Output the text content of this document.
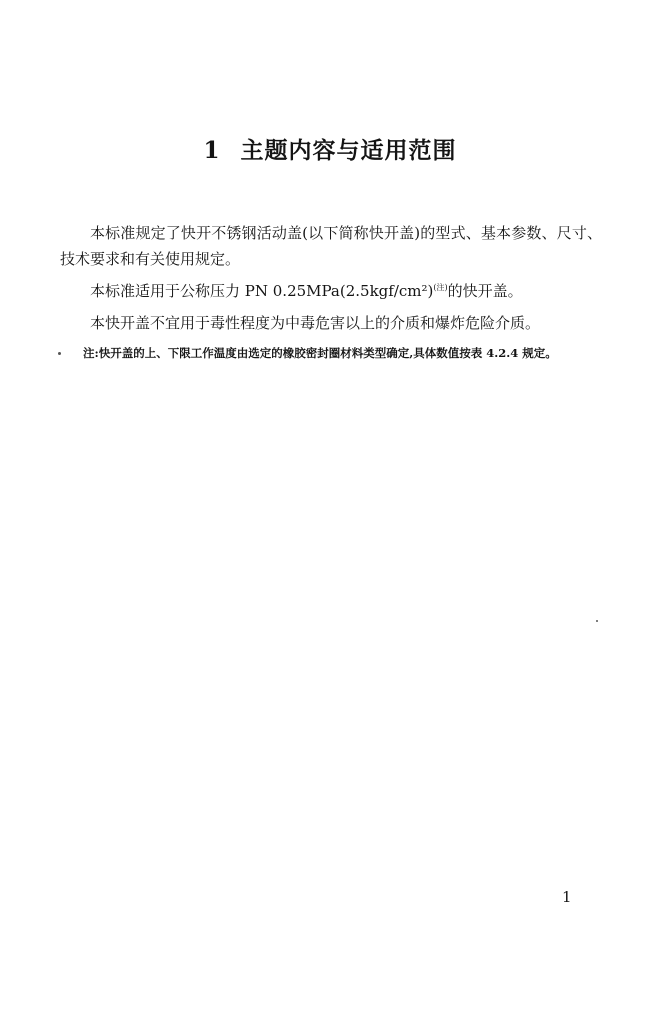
1 主题内容与适用范围

本标准规定了快开不锈钢活动盖(以下简称快开盖)的型式、基本参数、尺寸、技术要求和有关使用规定。

本标准适用于公称压力 PN $0.25MPa(2.5kgf/cm^2)^{(注)}$的快开盖。

本快开盖不宜用于毒性程度为中毒危害以上的介质和爆炸危险介质。

注:快开盖的上、下限工作温度由选定的橡胶密封圈材料类型确定,具体数值按表 4.2.4 规定。

1
